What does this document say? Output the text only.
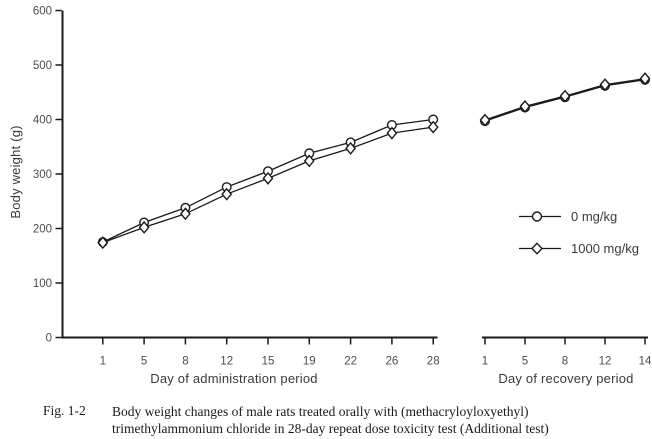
0
100
200
300
400
500
600
1	5	8	12 15 19 22 26 28	1	5	8	12 14
Body weight (g)
Day of administration period	Day of recovery period
0 mg/kg
1000 mg/kg
Fig. 1-2	Body weight changes of male rats treated orally with (methacryloyloxyethyl)
trimethylammonium chloride in 28-day repeat dose toxicity test (Additional test)
